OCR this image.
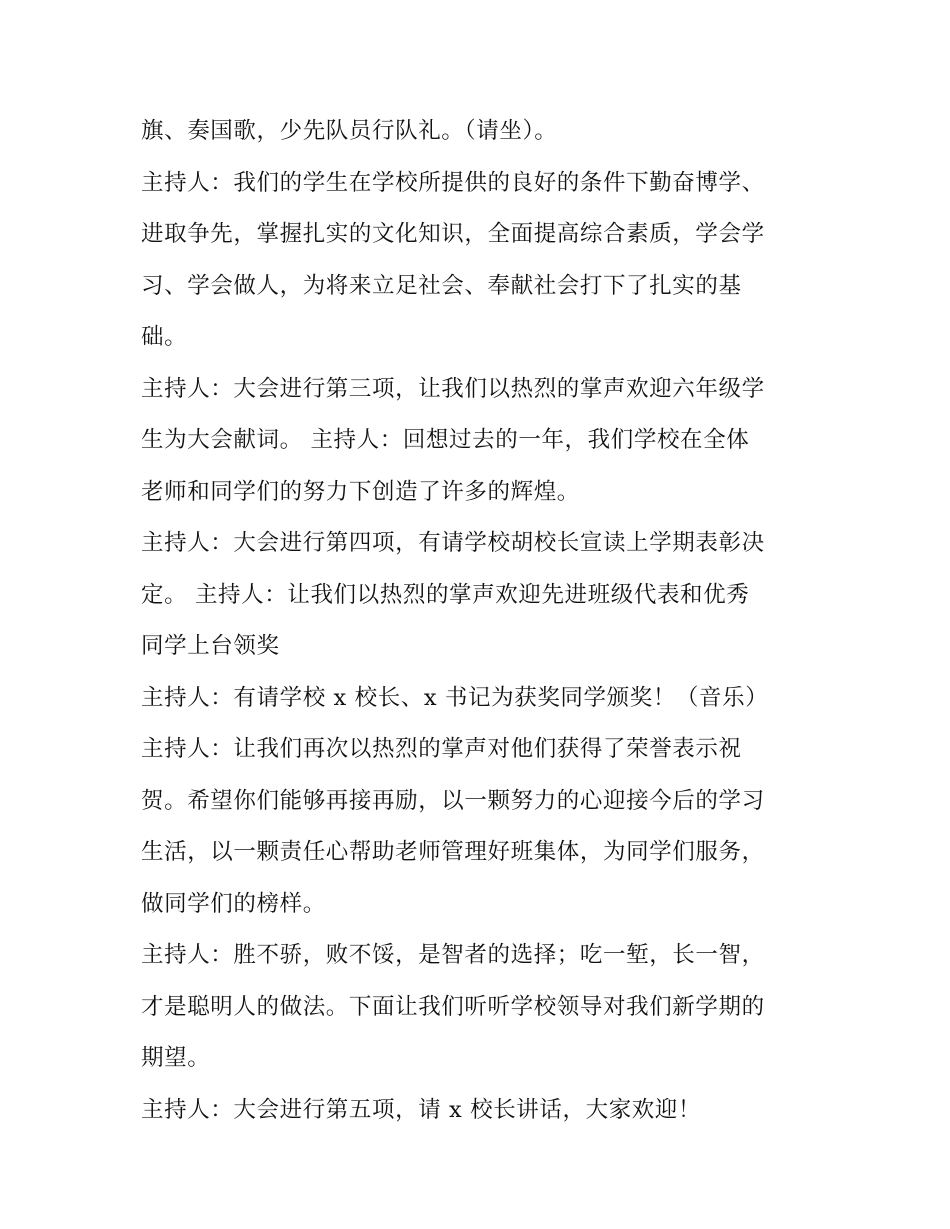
旗、奏国歌，少先队员行队礼。（请坐）。
主持人：我们的学生在学校所提供的良好的条件下勤奋博学、
进取争先，掌握扎实的文化知识，全面提高综合素质，学会学
习、学会做人，为将来立足社会、奉献社会打下了扎实的基
础。
主持人：大会进行第三项，让我们以热烈的掌声欢迎六年级学
生为大会献词。 主持人：回想过去的一年，我们学校在全体
老师和同学们的努力下创造了许多的辉煌。
主持人：大会进行第四项，有请学校胡校长宣读上学期表彰决
定。 主持人：让我们以热烈的掌声欢迎先进班级代表和优秀
同学上台领奖
主持人：有请学校 x 校长、x 书记为获奖同学颁奖！（音乐）
主持人：让我们再次以热烈的掌声对他们获得了荣誉表示祝
贺。希望你们能够再接再励，以一颗努力的心迎接今后的学习
生活，以一颗责任心帮助老师管理好班集体，为同学们服务，
做同学们的榜样。
主持人：胜不骄，败不馁，是智者的选择；吃一堑，长一智，
才是聪明人的做法。下面让我们听听学校领导对我们新学期的
期望。
主持人：大会进行第五项，请 x 校长讲话，大家欢迎！
